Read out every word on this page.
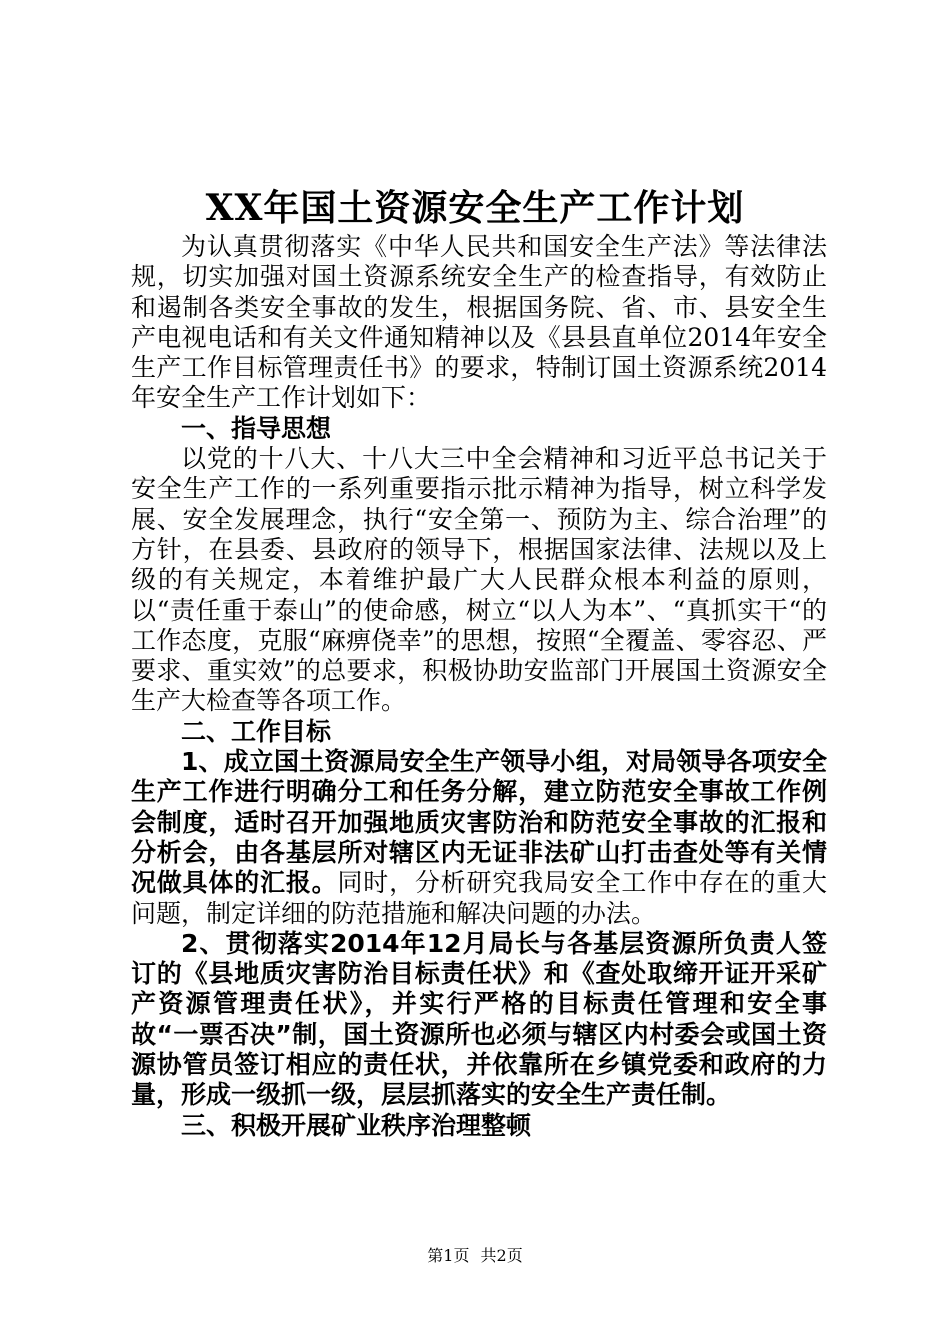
XX年国土资源安全生产工作计划

为认真贯彻落实《中华人民共和国安全生产法》等法律法规，切实加强对国土资源系统安全生产的检查指导，有效防止和遏制各类安全事故的发生，根据国务院、省、市、县安全生产电视电话和有关文件通知精神以及《县县直单位2014年安全生产工作目标管理责任书》的要求，特制订国土资源系统2014年安全生产工作计划如下：

一、指导思想

以党的十八大、十八大三中全会精神和习近平总书记关于安全生产工作的一系列重要指示批示精神为指导，树立科学发展、安全发展理念，执行“安全第一、预防为主、综合治理”的方针，在县委、县政府的领导下，根据国家法律、法规以及上级的有关规定，本着维护最广大人民群众根本利益的原则，以“责任重于泰山”的使命感，树立“以人为本”、“真抓实干“的工作态度，克服“麻痹侥幸”的思想，按照“全覆盖、零容忍、严要求、重实效”的总要求，积极协助安监部门开展国土资源安全生产大检查等各项工作。

二、工作目标

1、成立国土资源局安全生产领导小组，对局领导各项安全生产工作进行明确分工和任务分解，建立防范安全事故工作例会制度，适时召开加强地质灾害防治和防范安全事故的汇报和分析会，由各基层所对辖区内无证非法矿山打击查处等有关情况做具体的汇报。同时，分析研究我局安全工作中存在的重大问题，制定详细的防范措施和解决问题的办法。

2、贯彻落实2014年12月局长与各基层资源所负责人签订的《县地质灾害防治目标责任状》和《查处取缔开证开采矿产资源管理责任状》，并实行严格的目标责任管理和安全事故“一票否决”制，国土资源所也必须与辖区内村委会或国土资源协管员签订相应的责任状，并依靠所在乡镇党委和政府的力量，形成一级抓一级，层层抓落实的安全生产责任制。

三、积极开展矿业秩序治理整顿

第1页 共2页
